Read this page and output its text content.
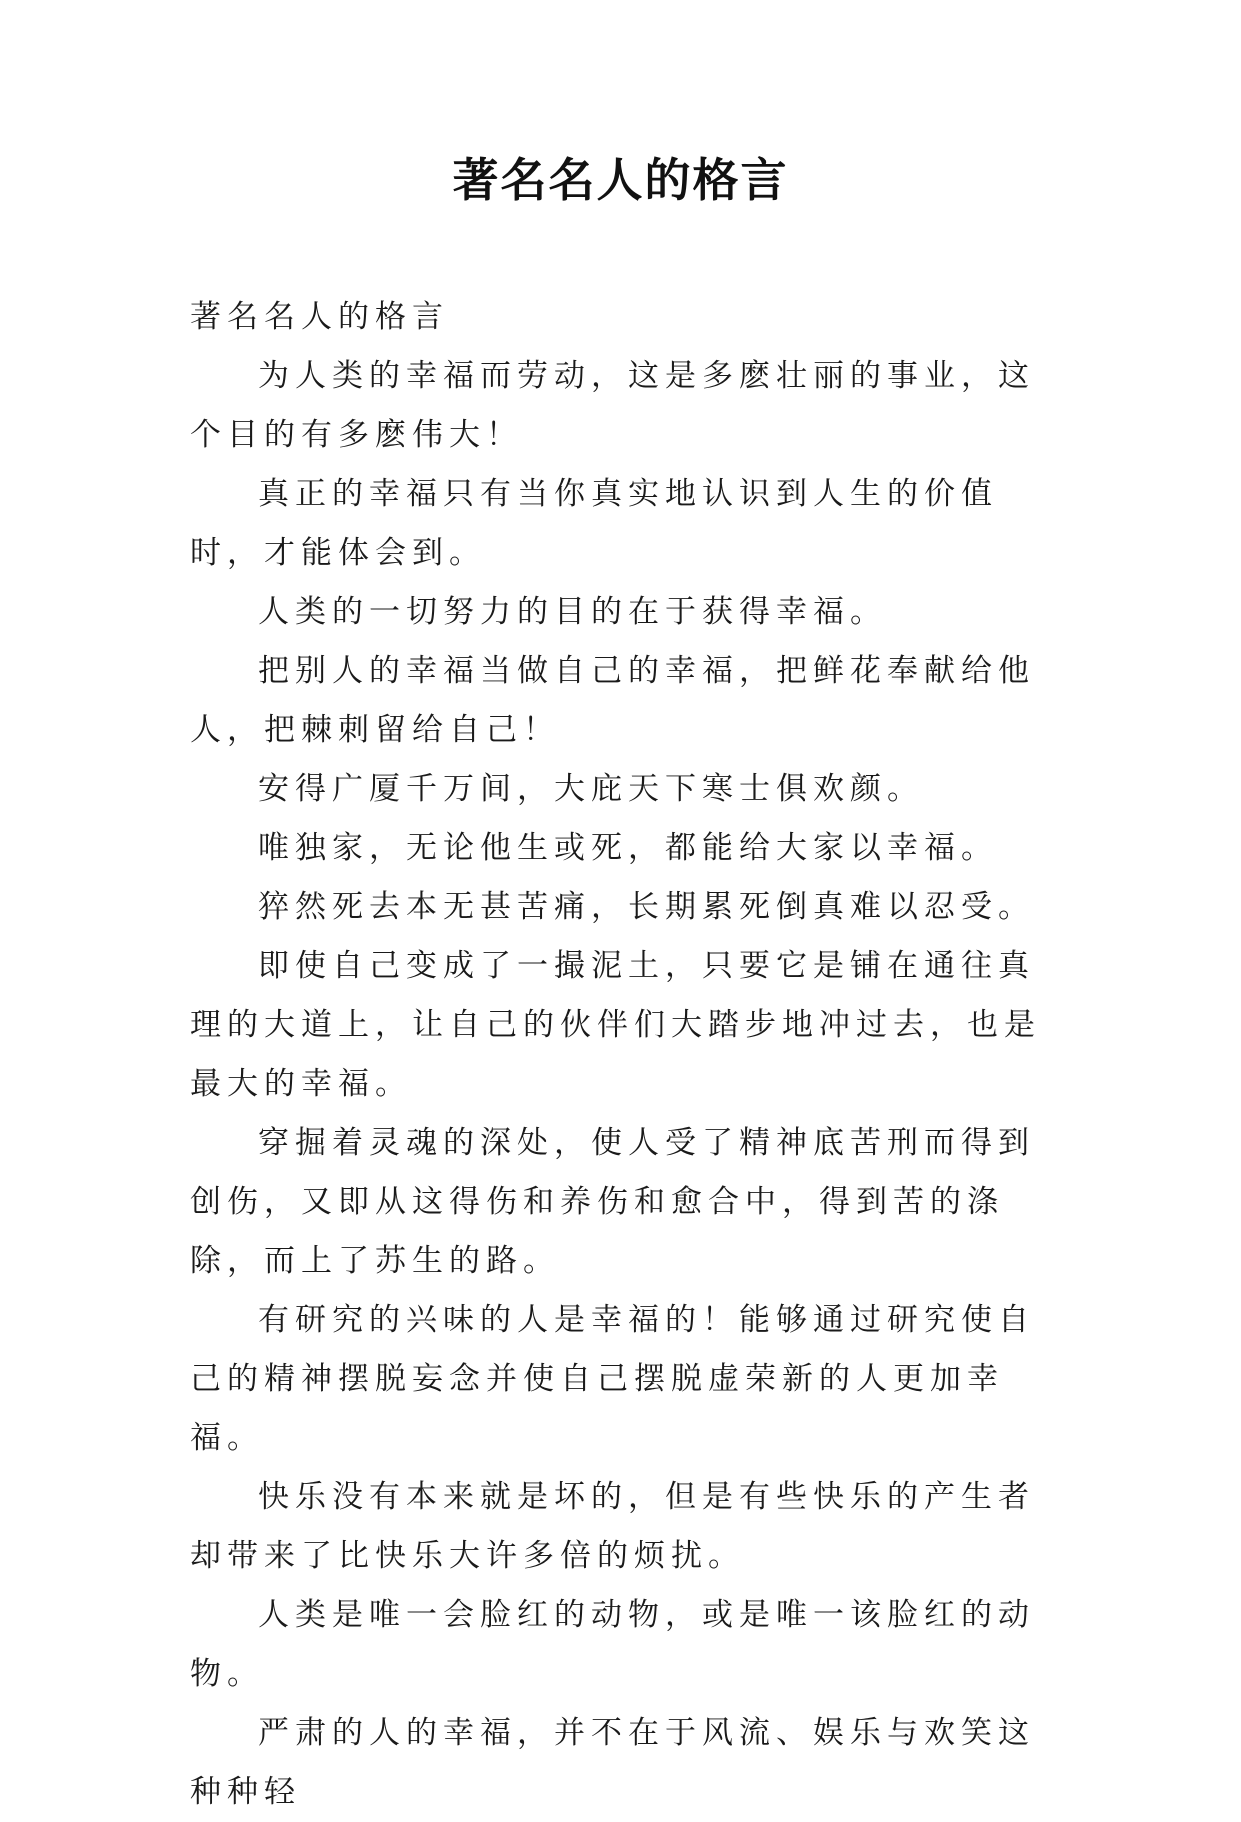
著名名人的格言

著名名人的格言

为人类的幸福而劳动，这是多麽壮丽的事业，这个目的有多麽伟大！

真正的幸福只有当你真实地认识到人生的价值时，才能体会到。

人类的一切努力的目的在于获得幸福。

把别人的幸福当做自己的幸福，把鲜花奉献给他人，把棘刺留给自己！

安得广厦千万间，大庇天下寒士俱欢颜。

唯独家，无论他生或死，都能给大家以幸福。

猝然死去本无甚苦痛，长期累死倒真难以忍受。

即使自己变成了一撮泥土，只要它是铺在通往真理的大道上，让自己的伙伴们大踏步地冲过去，也是最大的幸福。

穿掘着灵魂的深处，使人受了精神底苦刑而得到创伤，又即从这得伤和养伤和愈合中，得到苦的涤除，而上了苏生的路。

有研究的兴味的人是幸福的！能够通过研究使自己的精神摆脱妄念并使自己摆脱虚荣新的人更加幸福。

快乐没有本来就是坏的，但是有些快乐的产生者却带来了比快乐大许多倍的烦扰。

人类是唯一会脸红的动物，或是唯一该脸红的动物。

严肃的人的幸福，并不在于风流、娱乐与欢笑这种种轻
